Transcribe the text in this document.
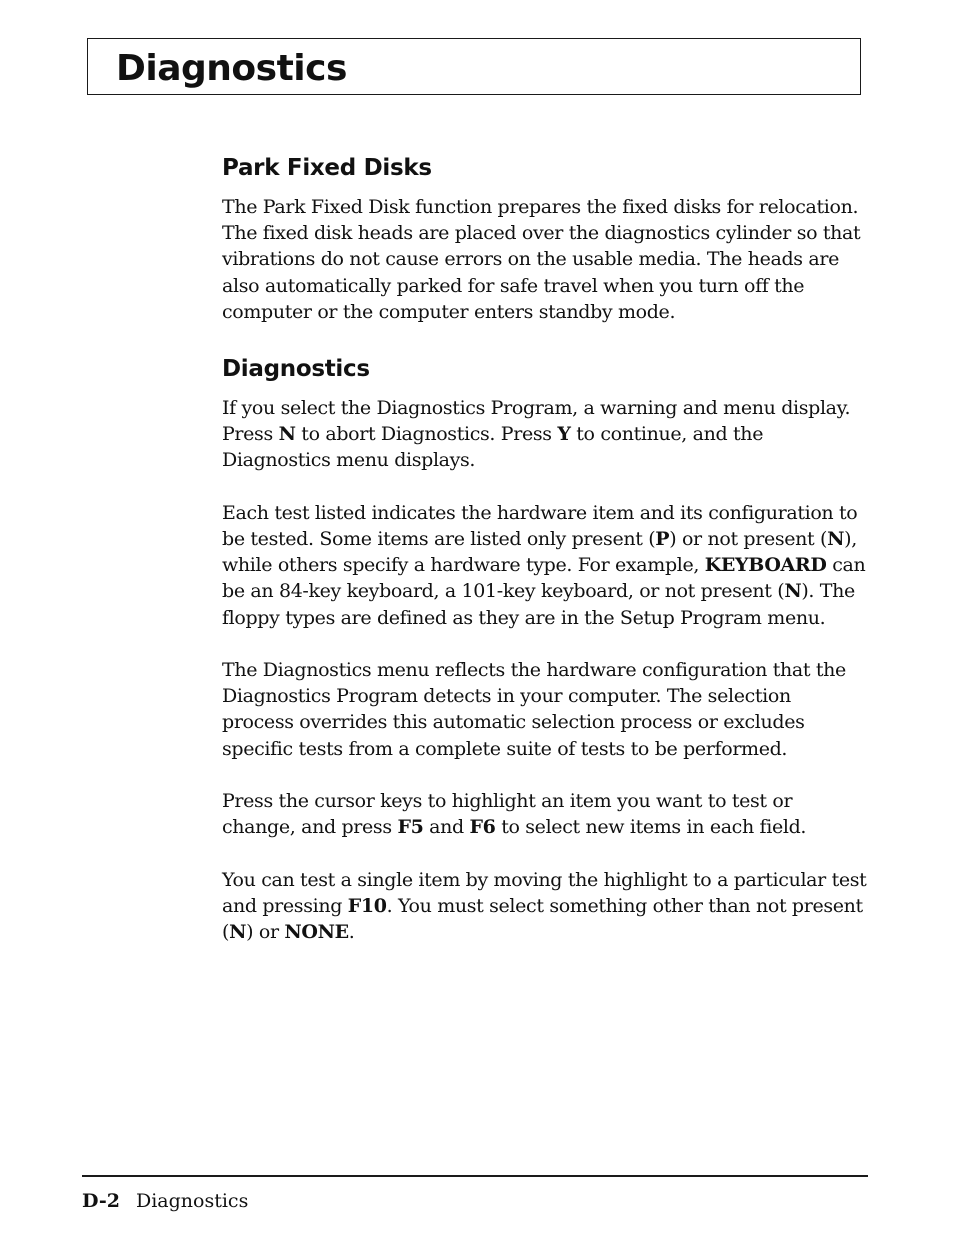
Diagnostics
Park Fixed Disks

The Park Fixed Disk function prepares the fixed disks for relocation. The fixed disk heads are placed over the diagnostics cylinder so that vibrations do not cause errors on the usable media. The heads are also automatically parked for safe travel when you turn off the computer or the computer enters standby mode.

Diagnostics

If you select the Diagnostics Program, a warning and menu display. Press N to abort Diagnostics. Press Y to continue, and the Diagnostics menu displays.

Each test listed indicates the hardware item and its configuration to be tested. Some items are listed only present (P) or not present (N), while others specify a hardware type. For example, KEYBOARD can be an 84-key keyboard, a 101-key keyboard, or not present (N). The floppy types are defined as they are in the Setup Program menu.

The Diagnostics menu reflects the hardware configuration that the Diagnostics Program detects in your computer. The selection process overrides this automatic selection process or excludes specific tests from a complete suite of tests to be performed.

Press the cursor keys to highlight an item you want to test or change, and press F5 and F6 to select new items in each field.

You can test a single item by moving the highlight to a particular test and pressing F10. You must select something other than not present (N) or NONE.

D-2 Diagnostics
